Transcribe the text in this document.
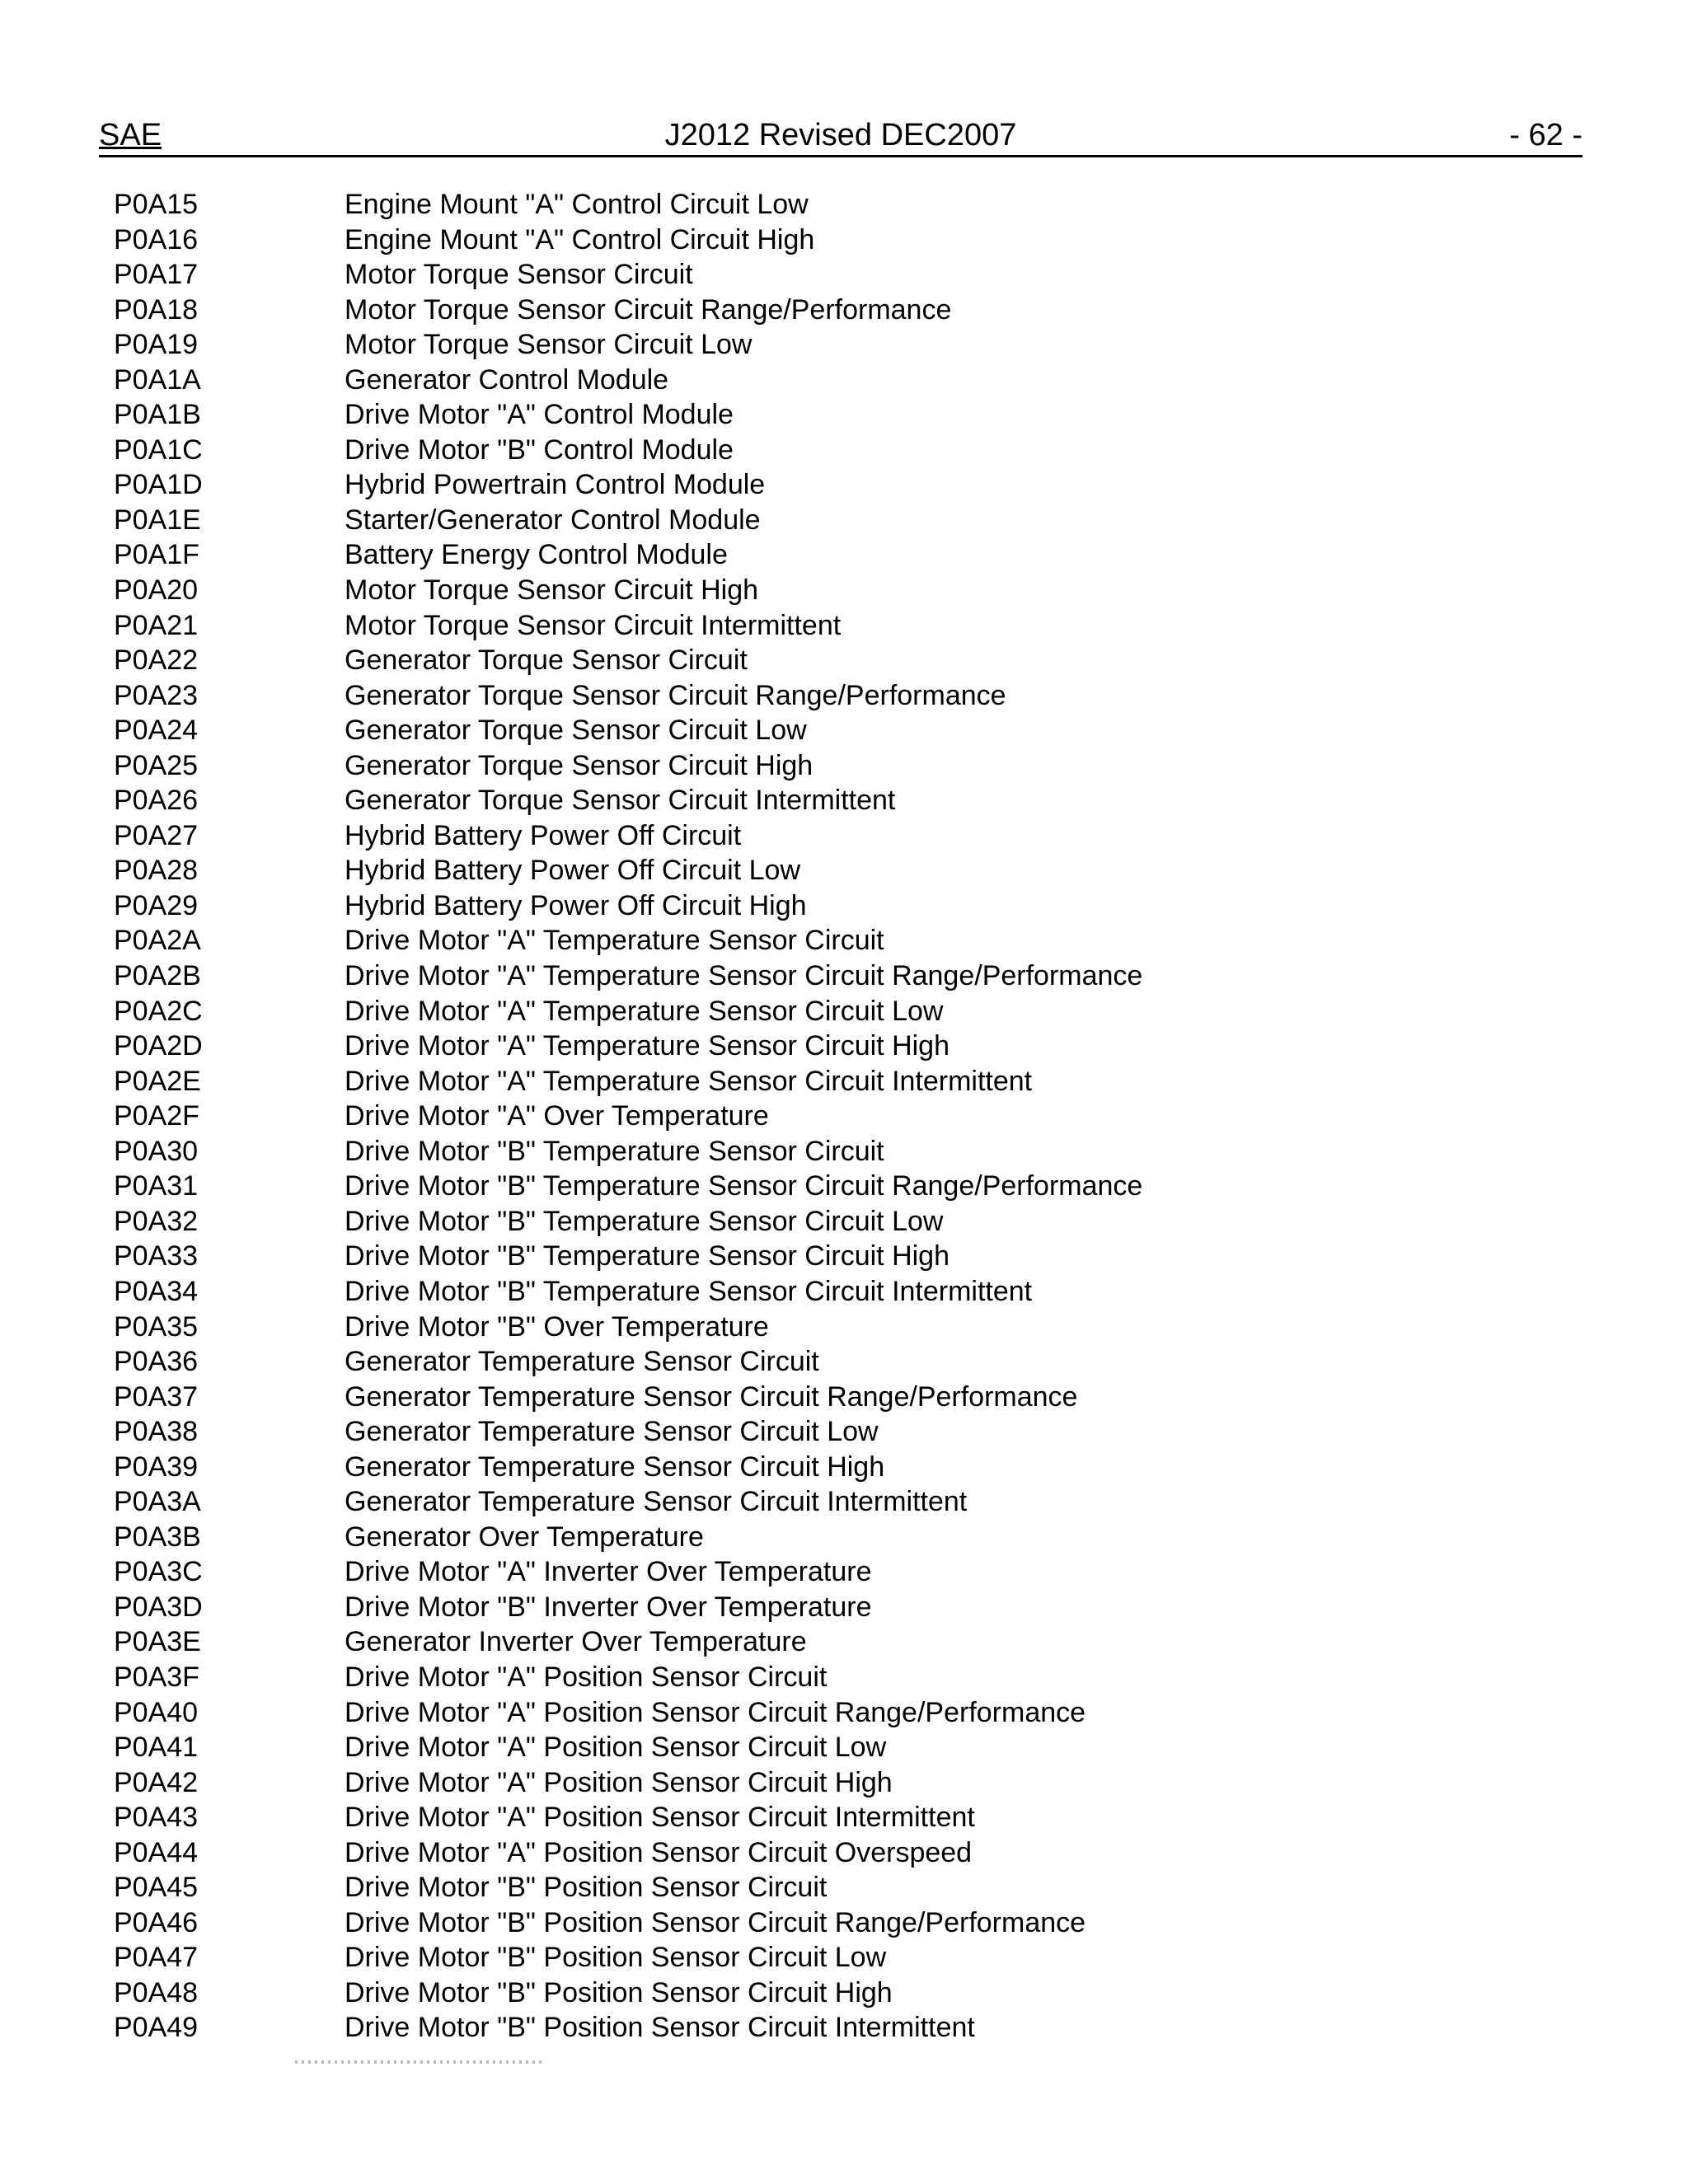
SAE	J2012 Revised DEC2007	- 62 -
P0A15	Engine Mount "A" Control Circuit Low
P0A16	Engine Mount "A" Control Circuit High
P0A17	Motor Torque Sensor Circuit
P0A18	Motor Torque Sensor Circuit Range/Performance
P0A19	Motor Torque Sensor Circuit Low
P0A1A	Generator Control Module
P0A1B	Drive Motor "A" Control Module
P0A1C	Drive Motor "B" Control Module
P0A1D	Hybrid Powertrain Control Module
P0A1E	Starter/Generator Control Module
P0A1F	Battery Energy Control Module
P0A20	Motor Torque Sensor Circuit High
P0A21	Motor Torque Sensor Circuit Intermittent
P0A22	Generator Torque Sensor Circuit
P0A23	Generator Torque Sensor Circuit Range/Performance
P0A24	Generator Torque Sensor Circuit Low
P0A25	Generator Torque Sensor Circuit High
P0A26	Generator Torque Sensor Circuit Intermittent
P0A27	Hybrid Battery Power Off Circuit
P0A28	Hybrid Battery Power Off Circuit Low
P0A29	Hybrid Battery Power Off Circuit High
P0A2A	Drive Motor "A" Temperature Sensor Circuit
P0A2B	Drive Motor "A" Temperature Sensor Circuit Range/Performance
P0A2C	Drive Motor "A" Temperature Sensor Circuit Low
P0A2D	Drive Motor "A" Temperature Sensor Circuit High
P0A2E	Drive Motor "A" Temperature Sensor Circuit Intermittent
P0A2F	Drive Motor "A" Over Temperature
P0A30	Drive Motor "B" Temperature Sensor Circuit
P0A31	Drive Motor "B" Temperature Sensor Circuit Range/Performance
P0A32	Drive Motor "B" Temperature Sensor Circuit Low
P0A33	Drive Motor "B" Temperature Sensor Circuit High
P0A34	Drive Motor "B" Temperature Sensor Circuit Intermittent
P0A35	Drive Motor "B" Over Temperature
P0A36	Generator Temperature Sensor Circuit
P0A37	Generator Temperature Sensor Circuit Range/Performance
P0A38	Generator Temperature Sensor Circuit Low
P0A39	Generator Temperature Sensor Circuit High
P0A3A	Generator Temperature Sensor Circuit Intermittent
P0A3B	Generator Over Temperature
P0A3C	Drive Motor "A" Inverter Over Temperature
P0A3D	Drive Motor "B" Inverter Over Temperature
P0A3E	Generator Inverter Over Temperature
P0A3F	Drive Motor "A" Position Sensor Circuit
P0A40	Drive Motor "A" Position Sensor Circuit Range/Performance
P0A41	Drive Motor "A" Position Sensor Circuit Low
P0A42	Drive Motor "A" Position Sensor Circuit High
P0A43	Drive Motor "A" Position Sensor Circuit Intermittent
P0A44	Drive Motor "A" Position Sensor Circuit Overspeed
P0A45	Drive Motor "B" Position Sensor Circuit
P0A46	Drive Motor "B" Position Sensor Circuit Range/Performance
P0A47	Drive Motor "B" Position Sensor Circuit Low
P0A48	Drive Motor "B" Position Sensor Circuit High
P0A49	Drive Motor "B" Position Sensor Circuit Intermittent
